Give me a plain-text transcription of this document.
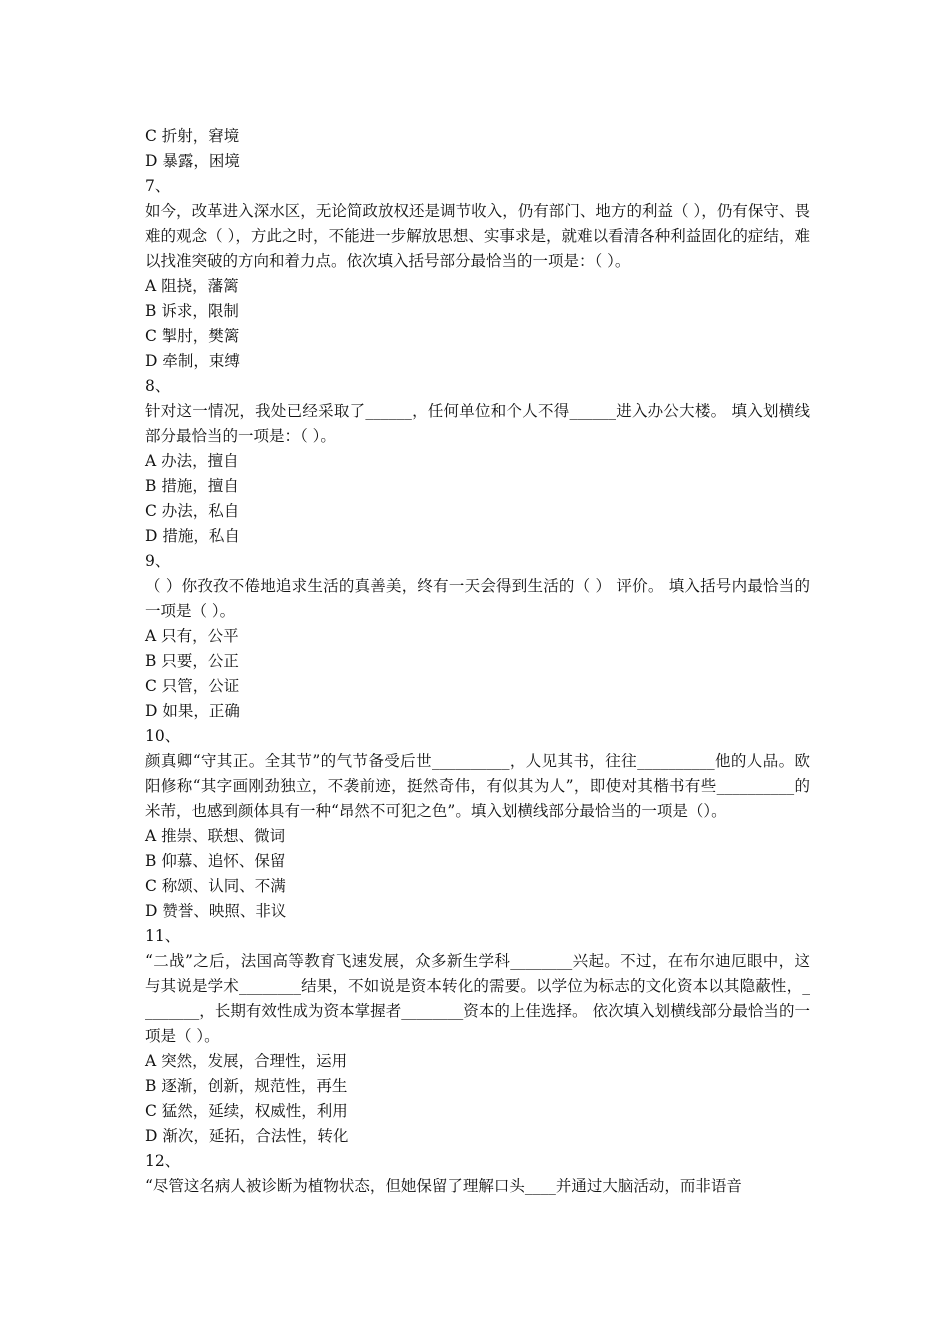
C 折射，窘境
D 暴露，困境
7、
如今，改革进入深水区，无论简政放权还是调节收入，仍有部门、地方的利益（ ），仍有保守、畏难的观念（ ），方此之时，不能进一步解放思想、实事求是，就难以看清各种利益固化的症结，难以找准突破的方向和着力点。依次填入括号部分最恰当的一项是：（ ）。
A 阻挠，藩篱
B 诉求，限制
C 掣肘，樊篱
D 牵制，束缚
8、
针对这一情况，我处已经采取了______，任何单位和个人不得______进入办公大楼。 填入划横线部分最恰当的一项是：（ ）。
A 办法，擅自
B 措施，擅自
C 办法，私自
D 措施，私自
9、
（ ）你孜孜不倦地追求生活的真善美，终有一天会得到生活的（ ） 评价。 填入括号内最恰当的一项是（ ）。
A 只有，公平
B 只要，公正
C 只管，公证
D 如果，正确
10、
颜真卿“守其正。全其节”的气节备受后世__________，人见其书，往往__________他的人品。欧阳修称“其字画刚劲独立，不袭前迹，挺然奇伟，有似其为人”，即使对其楷书有些__________的米芾，也感到颜体具有一种“昂然不可犯之色”。填入划横线部分最恰当的一项是（）。
A 推崇、联想、微词
B 仰慕、追怀、保留
C 称颂、认同、不满
D 赞誉、映照、非议
11、
“二战”之后，法国高等教育飞速发展，众多新生学科________兴起。不过，在布尔迪厄眼中，这与其说是学术________结果，不如说是资本转化的需要。以学位为标志的文化资本以其隐蔽性，________，长期有效性成为资本掌握者________资本的上佳选择。 依次填入划横线部分最恰当的一项是（ ）。
A 突然，发展，合理性，运用
B 逐渐，创新，规范性，再生
C 猛然，延续，权威性，利用
D 渐次，延拓，合法性，转化
12、
“尽管这名病人被诊断为植物状态，但她保留了理解口头____并通过大脑活动，而非语音
